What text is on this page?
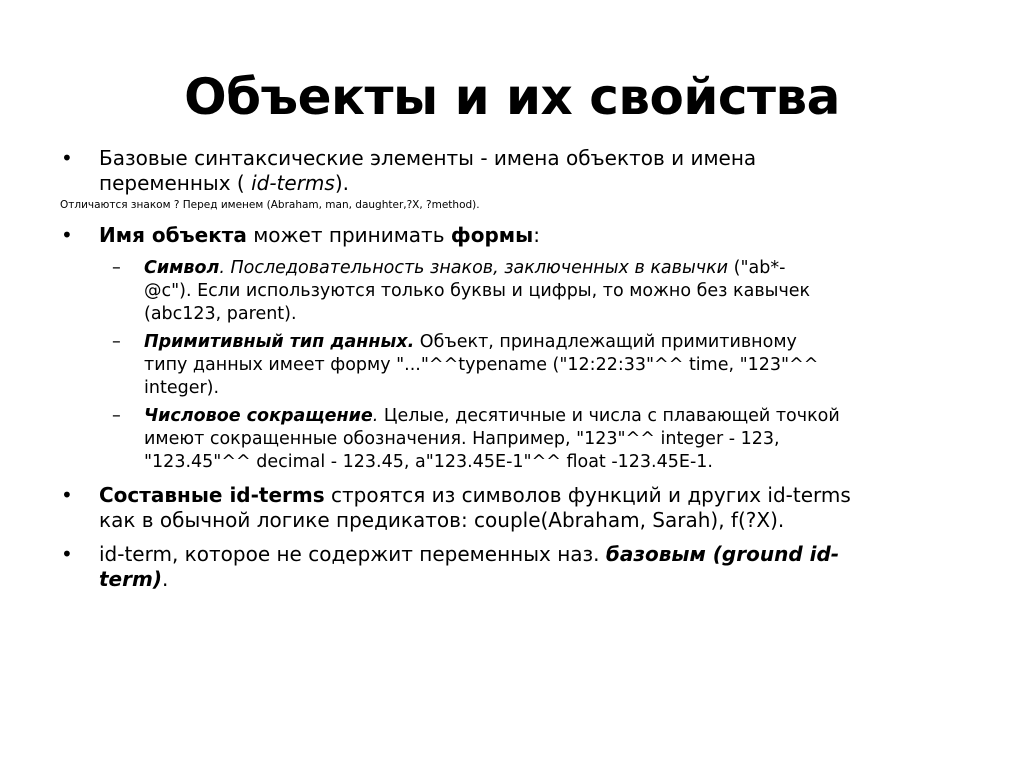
Объекты и их свойства
•	Базовые синтаксические элементы - имена объектов и имена
переменных ( id-terms).
Отличаются знаком ? Перед именем (Abraham, man, daughter,?X, ?method).
•	Имя объекта может принимать формы:
– Символ. Последовательность знаков, заключенных в кавычки ("ab*-
@c"). Если используются только буквы и цифры, то можно без кавычек
(abc123, parent).
– Примитивный тип данных. Объект, принадлежащий примитивному
типу данных имеет форму "..."^^typename ("12:22:33"^^ time, "123"^^
integer).
– Числовое сокращение. Целые, десятичные и числа с плавающей точкой
имеют сокращенные обозначения. Например, "123"^^ integer - 123,
"123.45"^^ decimal - 123.45, a"123.45E-1"^^ float -123.45E-1.
•	Составные id-terms строятся из символов функций и других id-terms
как в обычной логике предикатов: couple(Abraham, Sarah), f(?X).
•	id-term, которое не содержит переменных наз. базовым (ground id-
term).
